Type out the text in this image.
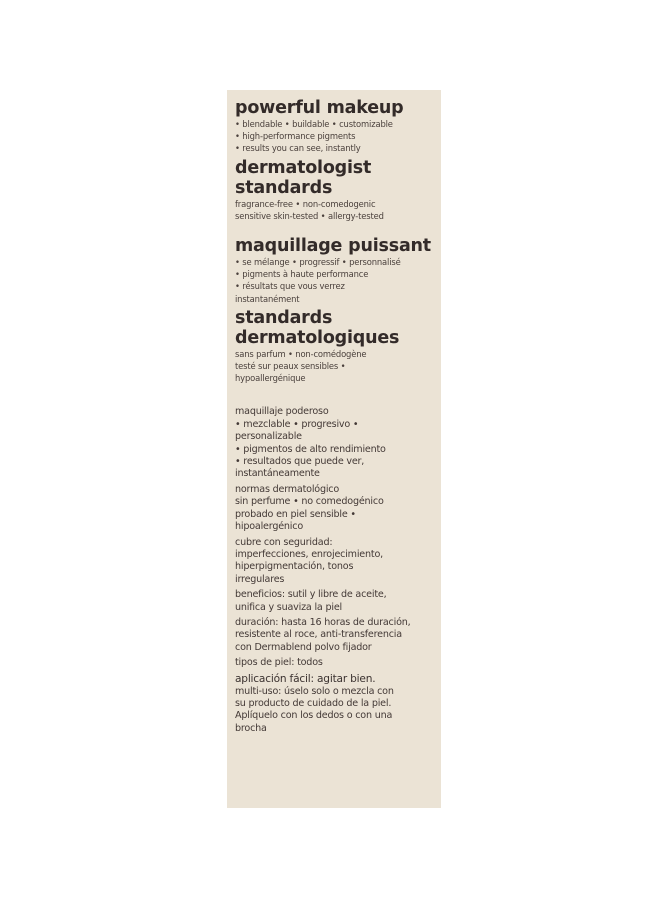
powerful makeup
• blendable • buildable • customizable
• high-performance pigments
• results you can see, instantly
dermatologist
standards
fragrance-free • non-comedogenic
sensitive skin-tested • allergy-tested
maquillage puissant
• se mélange • progressif • personnalisé
• pigments à haute performance
• résultats que vous verrez
instantanément
standards
dermatologiques
sans parfum • non-comédogène
testé sur peaux sensibles •
hypoallergénique
maquillaje poderoso
• mezclable • progresivo •
personalizable
• pigmentos de alto rendimiento
• resultados que puede ver,
instantáneamente
normas dermatológico
sin perfume • no comedogénico
probado en piel sensible •
hipoalergénico
cubre con seguridad:
imperfecciones, enrojecimiento,
hiperpigmentación, tonos
irregulares
beneficios: sutil y libre de aceite,
unifica y suaviza la piel
duración: hasta 16 horas de duración,
resistente al roce, anti-transferencia
con Dermablend polvo fijador
tipos de piel: todos
aplicación fácil: agitar bien.
multi-uso: úselo solo o mezcla con
su producto de cuidado de la piel.
Aplíquelo con los dedos o con una
brocha
